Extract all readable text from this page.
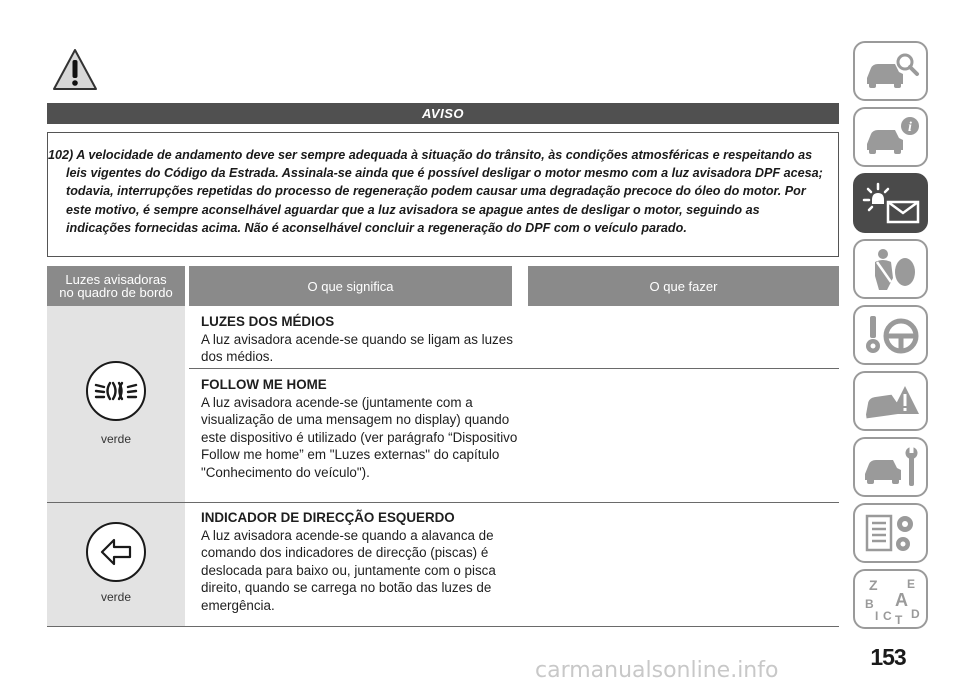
AVISO

102) A velocidade de andamento deve ser sempre adequada à situação do trânsito, às condições atmosféricas e respeitando as leis vigentes do Código da Estrada. Assinala-se ainda que é possível desligar o motor mesmo com a luz avisadora DPF acesa; todavia, interrupções repetidas do processo de regeneração podem causar uma degradação precoce do óleo do motor. Por este motivo, é sempre aconselhável aguardar que a luz avisadora se apague antes de desligar o motor, seguindo as indicações fornecidas acima. Não é aconselhável concluir a regeneração do DPF com o veículo parado.

Luzes avisadoras
no quadro de bordo	O que significa	O que fazer
verde
verde
LUZES DOS MÉDIOS
A luz avisadora acende-se quando se ligam as luzes dos médios.
FOLLOW ME HOME
A luz avisadora acende-se (juntamente com a visualização de uma mensagem no display) quando este dispositivo é utilizado (ver parágrafo “Dispositivo Follow me home” em "Luzes externas" do capítulo "Conhecimento do veículo").
INDICADOR DE DIRECÇÃO ESQUERDO
A luz avisadora acende-se quando a alavanca de comando dos indicadores de direcção (piscas) é deslocada para baixo ou, juntamente com o pisca direito, quando se carrega no botão das luzes de emergência.
i
Z E
B A
I C T D
153
carmanualsonline.info
